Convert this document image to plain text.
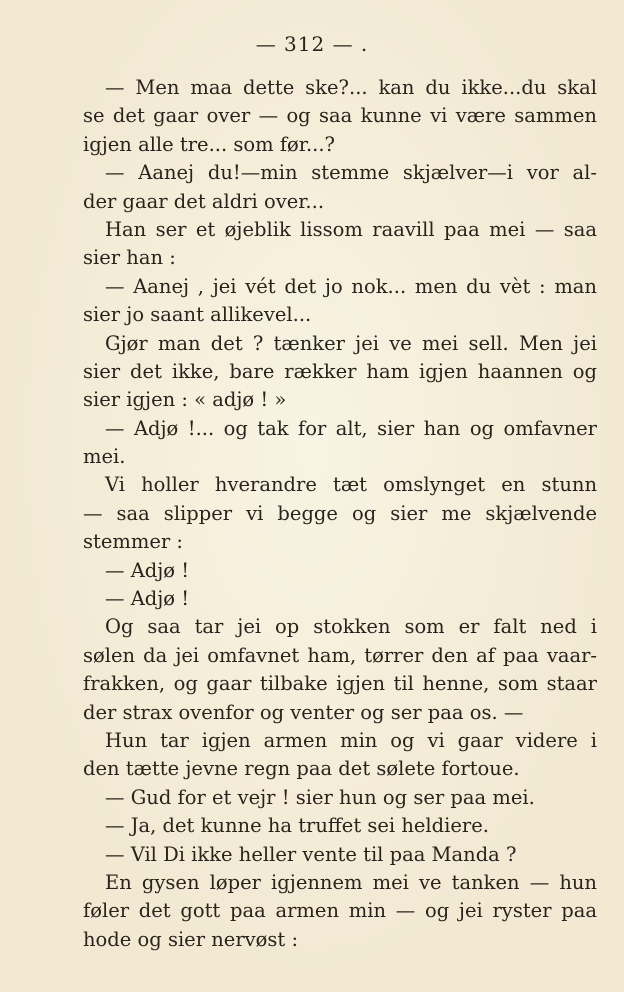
— 312 — .
— Men maa dette ske?... kan du ikke...du skal
se det gaar over — og saa kunne vi være sammen
igjen alle tre... som før...?
— Aanej du!—min stemme skjælver—i vor al-
der gaar det aldri over...
Han ser et øjeblik lissom raavill paa mei — saa
sier han :
— Aanej , jei vét det jo nok... men du vèt : man
sier jo saant allikevel...
Gjør man det ? tænker jei ve mei sell. Men jei
sier det ikke, bare rækker ham igjen haannen og
sier igjen : « adjø ! »
— Adjø !... og tak for alt, sier han og omfavner
mei.
Vi holler hverandre tæt omslynget en stunn
— saa slipper vi begge og sier me skjælvende
stemmer :
— Adjø !
— Adjø !
Og saa tar jei op stokken som er falt ned i
sølen da jei omfavnet ham, tørrer den af paa vaar-
frakken, og gaar tilbake igjen til henne, som staar
der strax ovenfor og venter og ser paa os. —
Hun tar igjen armen min og vi gaar videre i
den tætte jevne regn paa det sølete fortoue.
— Gud for et vejr ! sier hun og ser paa mei.
— Ja, det kunne ha truffet sei heldiere.
— Vil Di ikke heller vente til paa Manda ?
En gysen løper igjennem mei ve tanken — hun
føler det gott paa armen min — og jei ryster paa
hode og sier nervøst :
